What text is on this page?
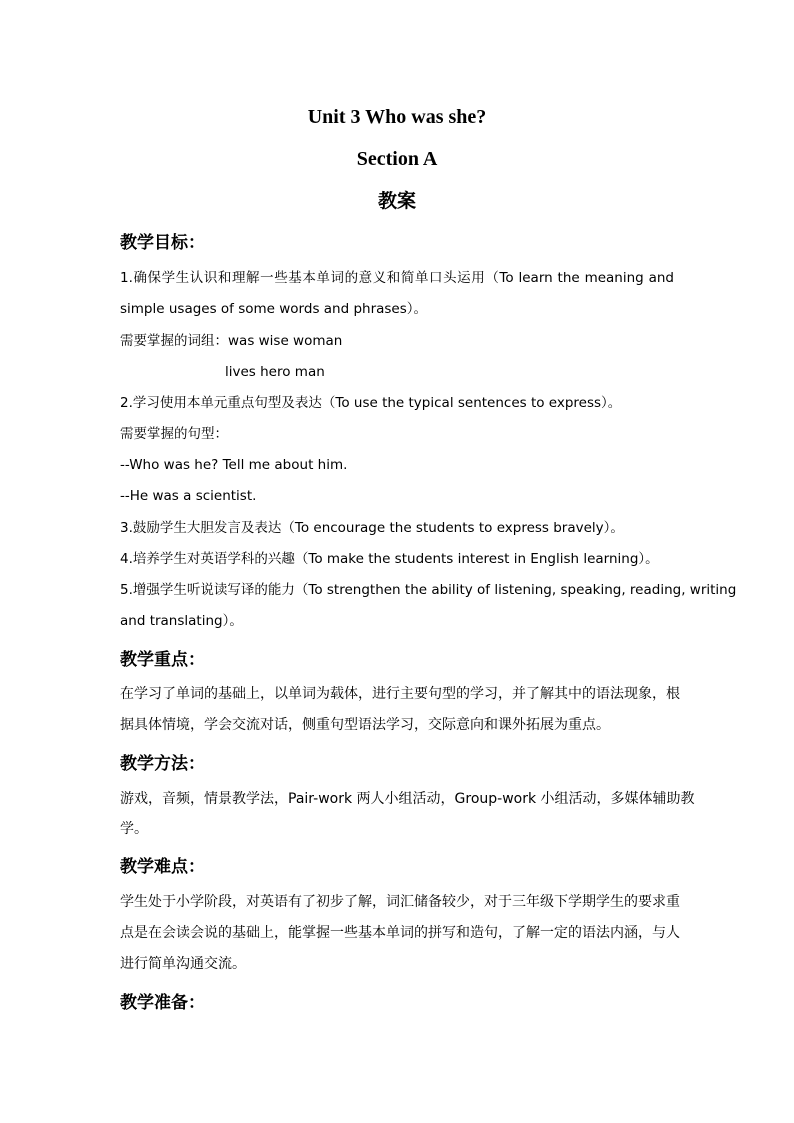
Unit 3 Who was she?
Section A
教案
教学目标：
1.确保学生认识和理解一些基本单词的意义和简单口头运用（To learn the meaning and
simple usages of some words and phrases）。
需要掌握的词组：was wise woman
lives hero man
2.学习使用本单元重点句型及表达（To use the typical sentences to express）。
需要掌握的句型：
--Who was he? Tell me about him.
--He was a scientist.
3.鼓励学生大胆发言及表达（To encourage the students to express bravely）。
4.培养学生对英语学科的兴趣（To make the students interest in English learning）。
5.增强学生听说读写译的能力（To strengthen the ability of listening, speaking, reading, writing
and translating）。
教学重点：
在学习了单词的基础上，以单词为载体，进行主要句型的学习，并了解其中的语法现象，根
据具体情境，学会交流对话，侧重句型语法学习，交际意向和课外拓展为重点。
教学方法：
游戏，音频，情景教学法，Pair-work 两人小组活动，Group-work 小组活动，多媒体辅助教
学。
教学难点：
学生处于小学阶段，对英语有了初步了解，词汇储备较少，对于三年级下学期学生的要求重
点是在会读会说的基础上，能掌握一些基本单词的拼写和造句，了解一定的语法内涵，与人
进行简单沟通交流。
教学准备：
